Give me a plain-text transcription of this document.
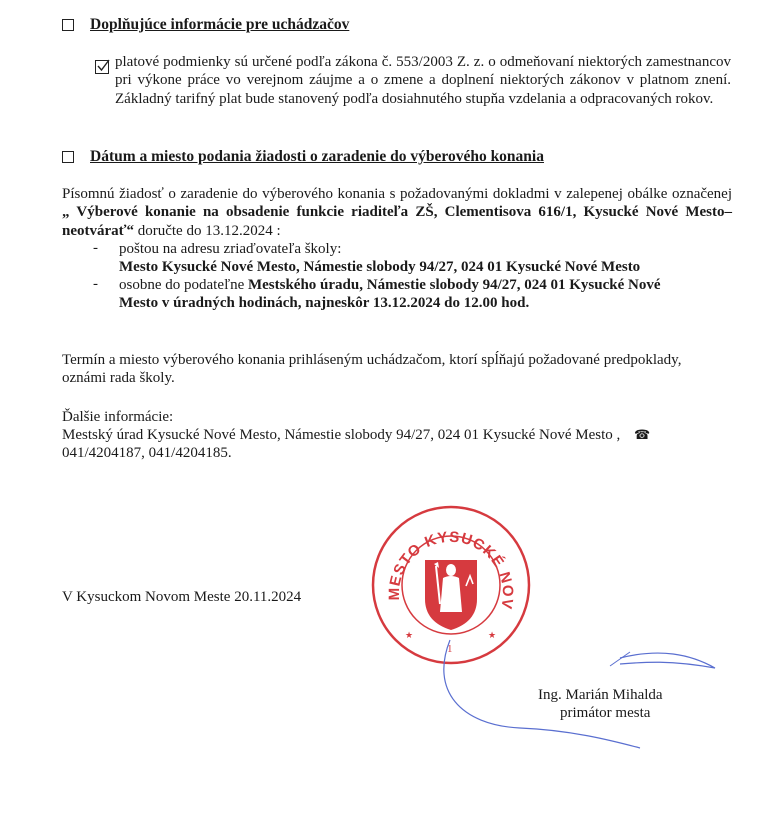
Doplňujúce informácie pre uchádzačov
platové podmienky sú určené podľa zákona č. 553/2003 Z. z. o odmeňovaní niektorých zamestnancov pri výkone práce vo verejnom záujme a o zmene a doplnení niektorých zákonov v platnom znení. Základný tarifný plat bude stanovený podľa dosiahnutého stupňa vzdelania a odpracovaných rokov.
Dátum a miesto podania žiadosti o zaradenie do výberového konania
Písomnú žiadosť o zaradenie do výberového konania s požadovanými dokladmi v zalepenej obálke označenej „ Výberové konanie na obsadenie funkcie riaditeľa ZŠ, Clementisova 616/1, Kysucké Nové Mesto– neotvárať“ doručte do 13.12.2024 :
- poštou na adresu zriaďovateľa školy:
Mesto Kysucké Nové Mesto, Námestie slobody 94/27, 024 01 Kysucké Nové Mesto
- osobne do podateľne Mestského úradu, Námestie slobody 94/27, 024 01 Kysucké Nové
Mesto v úradných hodinách, najneskôr 13.12.2024 do 12.00 hod.
Termín a miesto výberového konania prihláseným uchádzačom, ktorí spĺňajú požadované predpoklady,
oznámi rada školy.
Ďalšie informácie:
Mestský úrad Kysucké Nové Mesto, Námestie slobody 94/27, 024 01 Kysucké Nové Mesto , ☎
041/4204187, 041/4204185.
V Kysuckom Novom Meste 20.11.2024	MESTO KYSUCKÉ NOV
★	★
1
Ing. Marián Mihalda
primátor mesta
